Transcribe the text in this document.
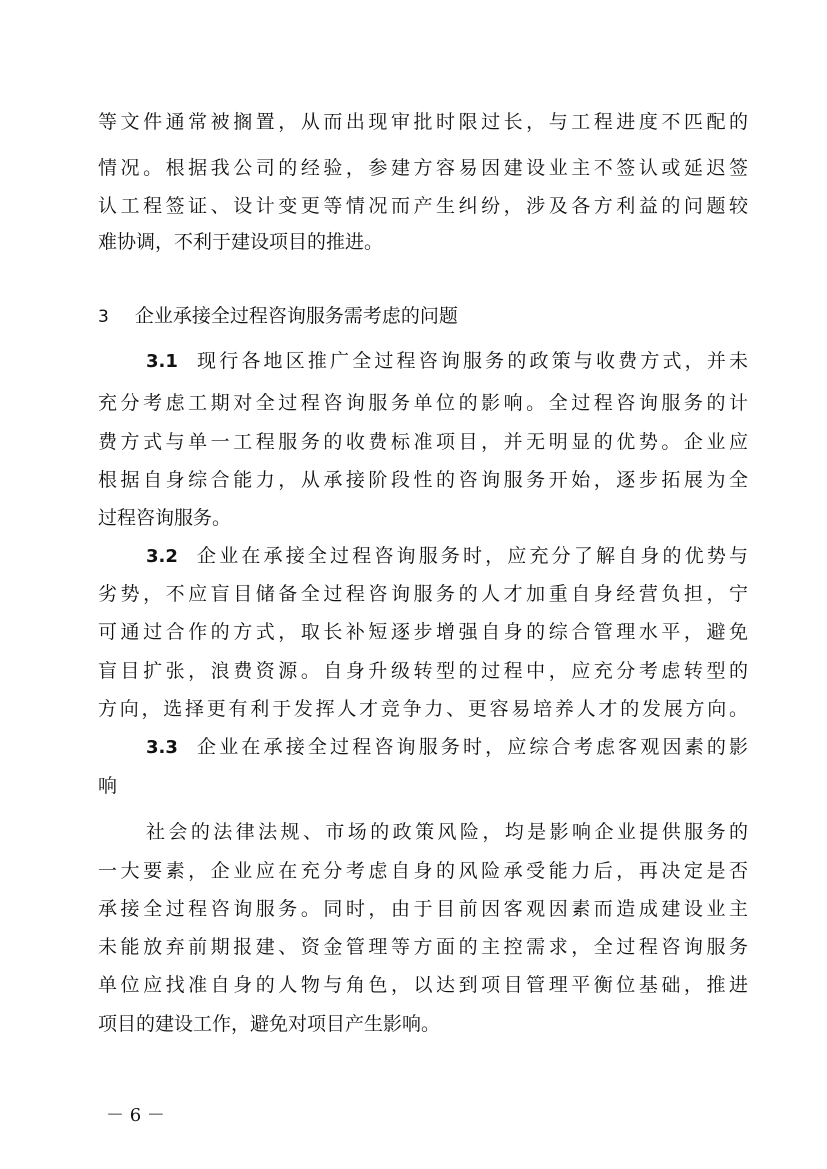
等文件通常被搁置，从而出现审批时限过长，与工程进度不匹配的
情况。根据我公司的经验，参建方容易因建设业主不签认或延迟签
认工程签证、设计变更等情况而产生纠纷，涉及各方利益的问题较
难协调，不利于建设项目的推进。
3 企业承接全过程咨询服务需考虑的问题
3.1 现行各地区推广全过程咨询服务的政策与收费方式，并未
充分考虑工期对全过程咨询服务单位的影响。全过程咨询服务的计
费方式与单一工程服务的收费标准项目，并无明显的优势。企业应
根据自身综合能力，从承接阶段性的咨询服务开始，逐步拓展为全
过程咨询服务。
3.2 企业在承接全过程咨询服务时，应充分了解自身的优势与
劣势，不应盲目储备全过程咨询服务的人才加重自身经营负担，宁
可通过合作的方式，取长补短逐步增强自身的综合管理水平，避免
盲目扩张，浪费资源。自身升级转型的过程中，应充分考虑转型的
方向，选择更有利于发挥人才竞争力、更容易培养人才的发展方向。
3.3 企业在承接全过程咨询服务时，应综合考虑客观因素的影
响
社会的法律法规、市场的政策风险，均是影响企业提供服务的
一大要素，企业应在充分考虑自身的风险承受能力后，再决定是否
承接全过程咨询服务。同时，由于目前因客观因素而造成建设业主
未能放弃前期报建、资金管理等方面的主控需求，全过程咨询服务
单位应找准自身的人物与角色，以达到项目管理平衡位基础，推进
项目的建设工作，避免对项目产生影响。
－ 6 －
